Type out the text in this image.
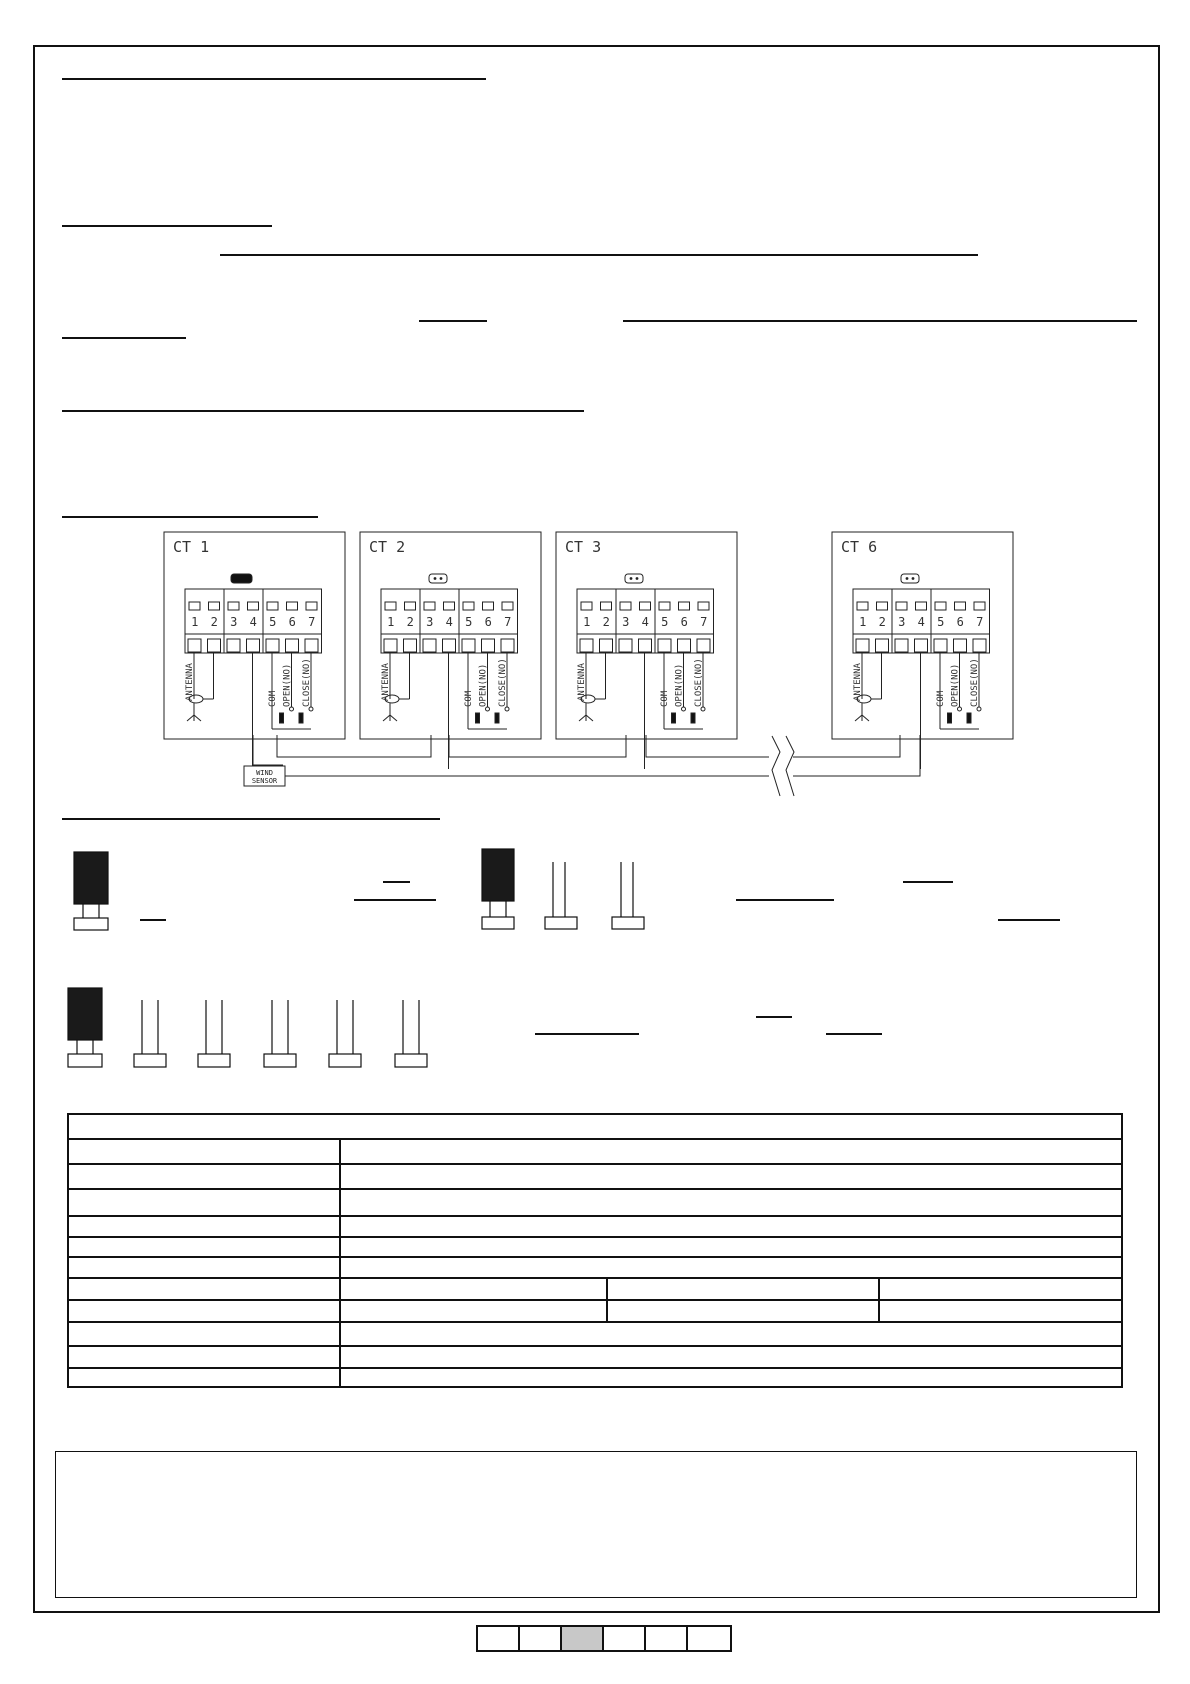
CT 1
1 2 3 4 5 6 7
ANTENNA	COM OPEN(NO) CLOSE(NO)
CT 2
1 2 3 4 5 6 7
ANTENNA	COM OPEN(NO) CLOSE(NO)
CT 3
1 2 3 4 5 6 7
ANTENNA	COM OPEN(NO) CLOSE(NO)
CT 6
1 2 3 4 5 6 7
ANTENNA	COM OPEN(NO) CLOSE(NO)
WIND
SENSOR
